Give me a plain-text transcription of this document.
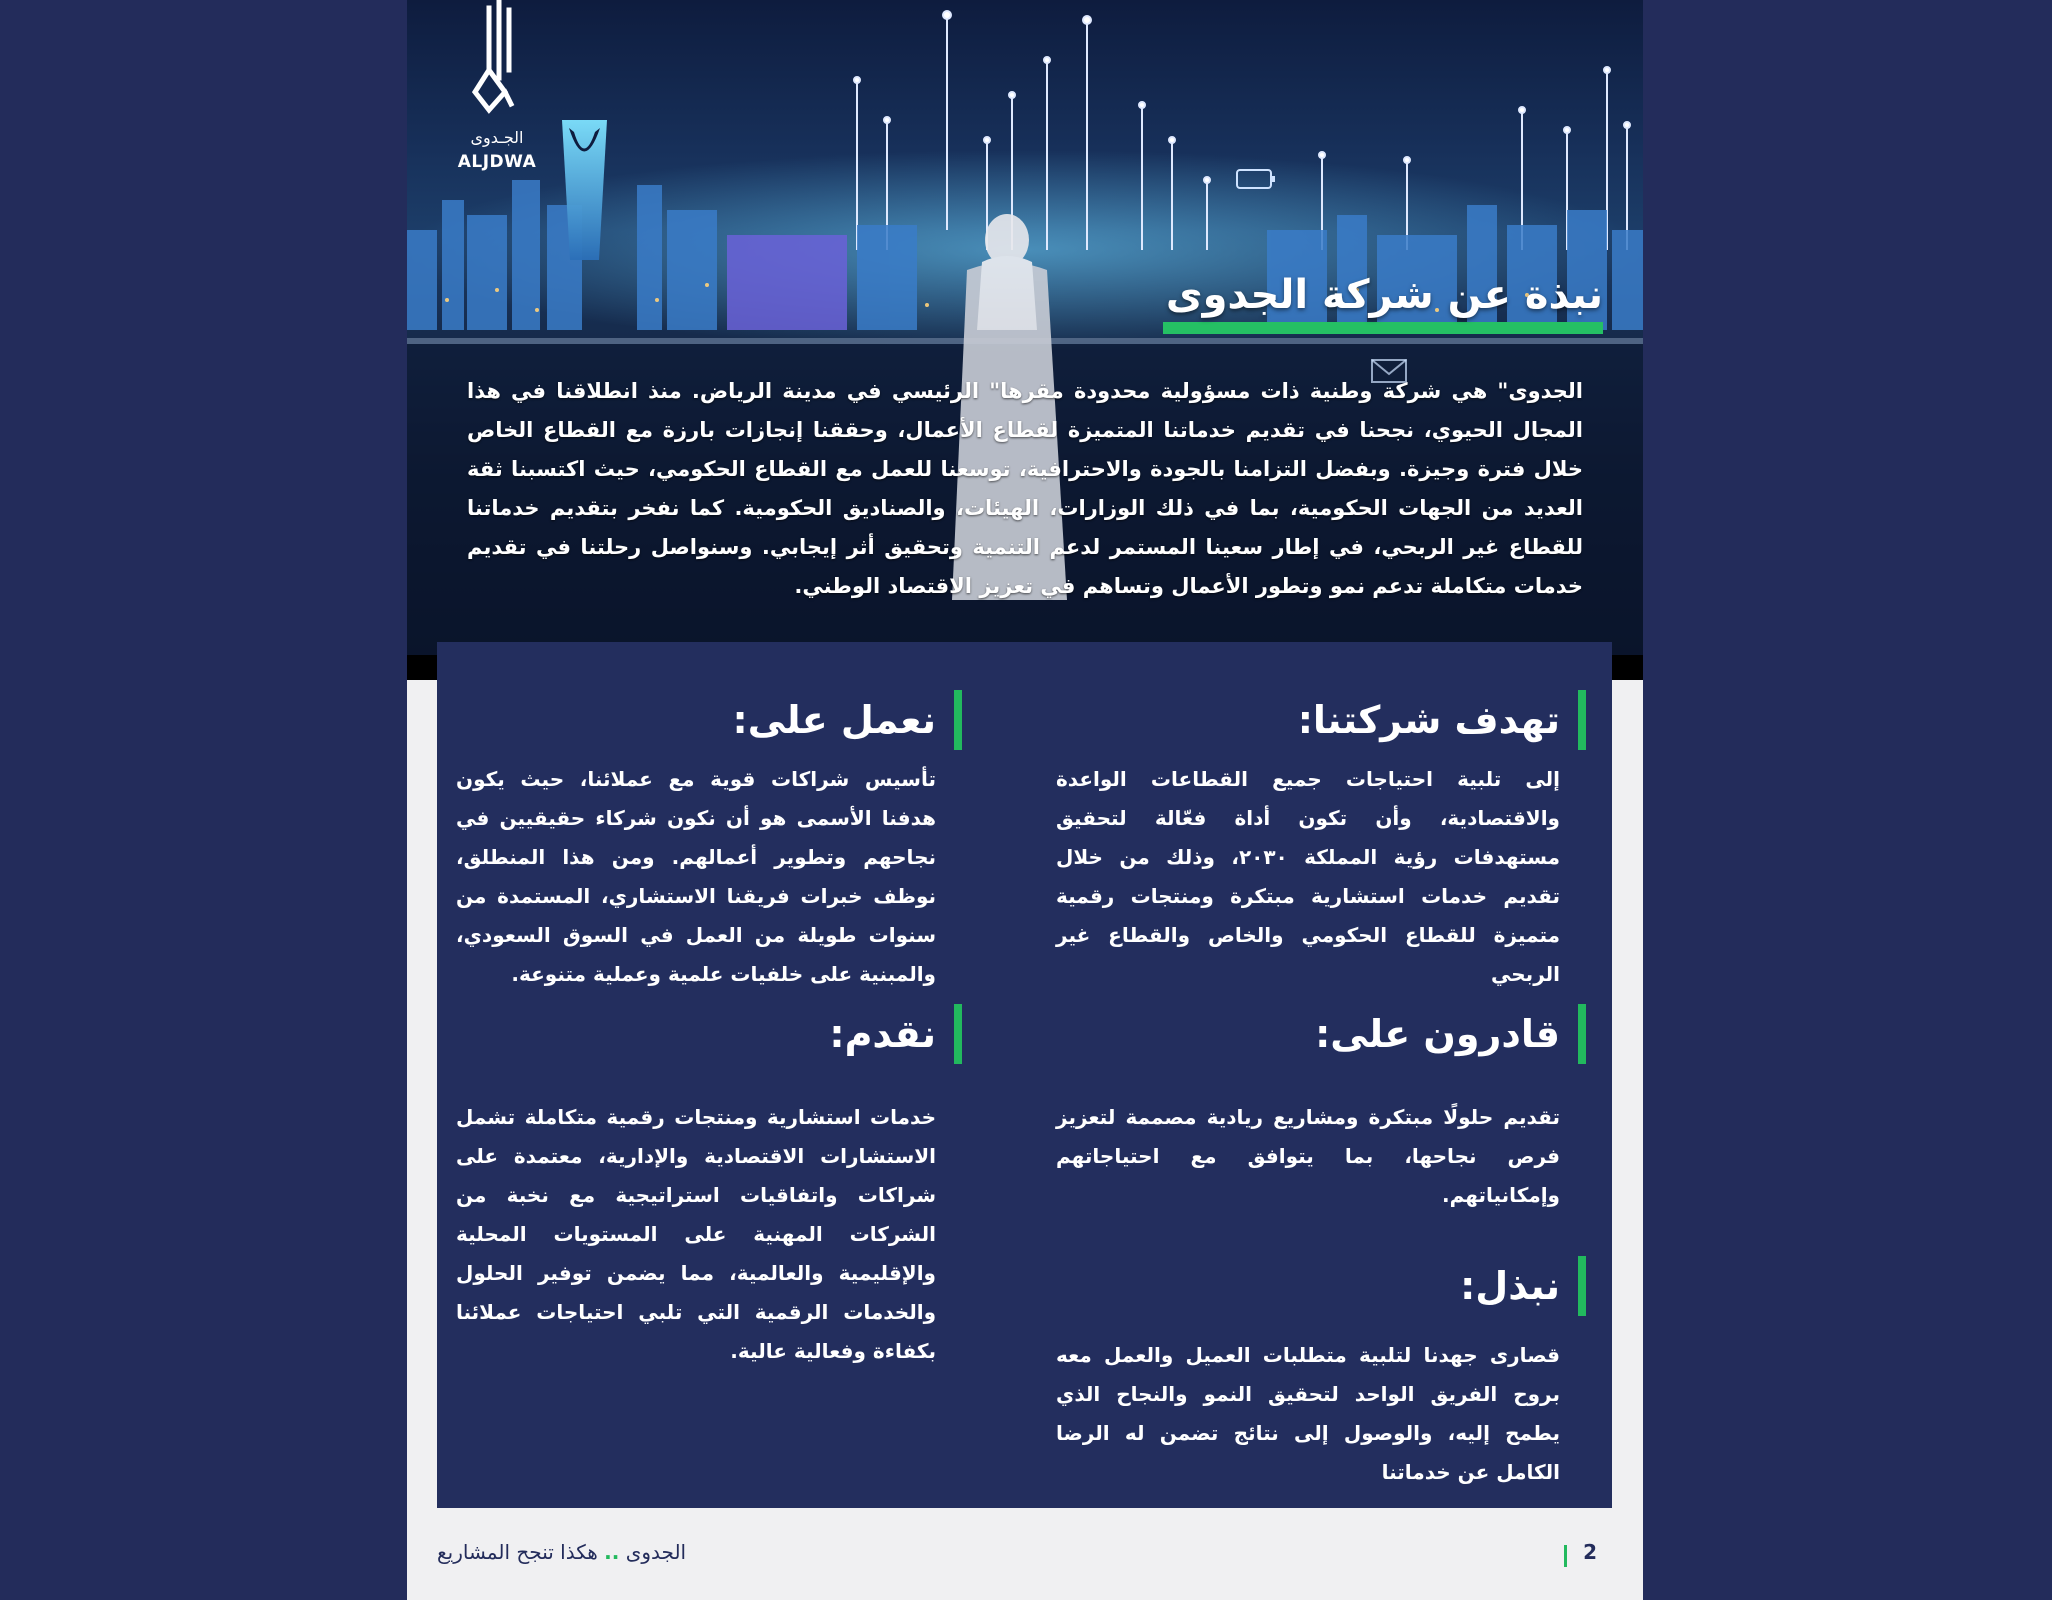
الجـدوى
ALJDWA
نبذة عن شركة الجدوى

الجدوى" هي شركة وطنية ذات مسؤولية محدودة مقرها" الرئيسي في مدينة الرياض. منذ انطلاقنا في هذا المجال الحيوي، نجحنا في تقديم خدماتنا المتميزة لقطاع الأعمال، وحققنا إنجازات بارزة مع القطاع الخاص خلال فترة وجيزة. وبفضل التزامنا بالجودة والاحترافية، توسعنا للعمل مع القطاع الحكومي، حيث اكتسبنا ثقة العديد من الجهات الحكومية، بما في ذلك الوزارات، الهيئات، والصناديق الحكومية. كما نفخر بتقديم خدماتنا للقطاع غير الربحي، في إطار سعينا المستمر لدعم التنمية وتحقيق أثر إيجابي. وسنواصل رحلتنا في تقديم خدمات متكاملة تدعم نمو وتطور الأعمال وتساهم في تعزيز الاقتصاد الوطني.

تهدف شركتنا:

إلى تلبية احتياجات جميع القطاعات الواعدة والاقتصادية، وأن تكون أداة فعّالة لتحقيق مستهدفات رؤية المملكة ٢٠٣٠، وذلك من خلال تقديم خدمات استشارية مبتكرة ومنتجات رقمية متميزة للقطاع الحكومي والخاص والقطاع غير الربحي

نعمل على:

تأسيس شراكات قوية مع عملائنا، حيث يكون هدفنا الأسمى هو أن نكون شركاء حقيقيين في نجاحهم وتطوير أعمالهم. ومن هذا المنطلق، نوظف خبرات فريقنا الاستشاري، المستمدة من سنوات طويلة من العمل في السوق السعودي، والمبنية على خلفيات علمية وعملية متنوعة.

قادرون على:

تقديم حلولًا مبتكرة ومشاريع ريادية مصممة لتعزيز فرص نجاحها، بما يتوافق مع احتياجاتهم وإمكانياتهم.

نقدم:

خدمات استشارية ومنتجات رقمية متكاملة تشمل الاستشارات الاقتصادية والإدارية، معتمدة على شراكات واتفاقيات استراتيجية مع نخبة من الشركات المهنية على المستويات المحلية والإقليمية والعالمية، مما يضمن توفير الحلول والخدمات الرقمية التي تلبي احتياجات عملائنا بكفاءة وفعالية عالية.

نبذل:

قصارى جهدنا لتلبية متطلبات العميل والعمل معه بروح الفريق الواحد لتحقيق النمو والنجاح الذي يطمح إليه، والوصول إلى نتائج تضمن له الرضا الكامل عن خدماتنا

2
الجدوى .. هكذا تنجح المشاريع
